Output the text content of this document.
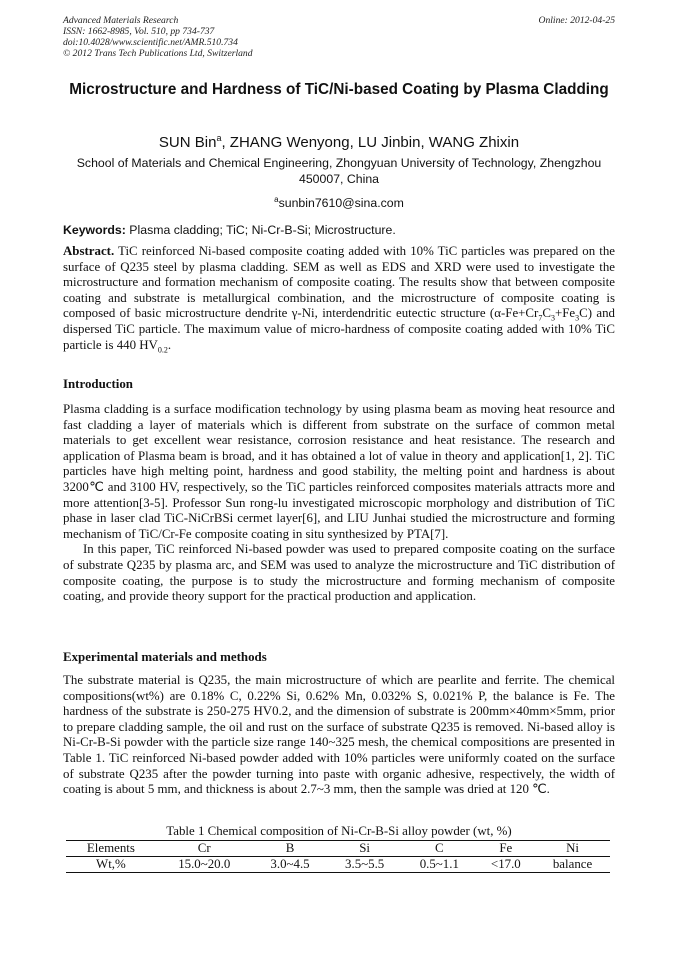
Advanced Materials Research
ISSN: 1662-8985, Vol. 510, pp 734-737
doi:10.4028/www.scientific.net/AMR.510.734
© 2012 Trans Tech Publications Ltd, Switzerland
Online: 2012-04-25
Microstructure and Hardness of TiC/Ni-based Coating by Plasma Cladding
SUN Bin$^a$, ZHANG Wenyong, LU Jinbin, WANG Zhixin
School of Materials and Chemical Engineering, Zhongyuan University of Technology, Zhengzhou 450007, China
$^a$sunbin7610@sina.com
Keywords: Plasma cladding; TiC; Ni-Cr-B-Si; Microstructure.
Abstract. TiC reinforced Ni-based composite coating added with 10% TiC particles was prepared on the surface of Q235 steel by plasma cladding. SEM as well as EDS and XRD were used to investigate the microstructure and formation mechanism of composite coating. The results show that between composite coating and substrate is metallurgical combination, and the microstructure of composite coating is composed of basic microstructure dendrite γ-Ni, interdendritic eutectic structure $(\alpha-Fe+Cr_7C_3+Fe_3C)$ and dispersed TiC particle. The maximum value of micro-hardness of composite coating added with 10% TiC particle is 440 $HV_{0.2}$.
Introduction

Plasma cladding is a surface modification technology by using plasma beam as moving heat resource and fast cladding a layer of materials which is different from substrate on the surface of common metal materials to get excellent wear resistance, corrosion resistance and heat resistance. The research and application of Plasma beam is broad, and it has obtained a lot of value in theory and application[1, 2]. TiC particles have high melting point, hardness and good stability, the melting point and hardness is about 3200℃ and 3100 HV, respectively, so the TiC particles reinforced composites materials attracts more and more attention[3-5]. Professor Sun rong-lu investigated microscopic morphology and distribution of TiC phase in laser clad TiC-NiCrBSi cermet layer[6], and LIU Junhai studied the microstructure and forming mechanism of TiC/Cr-Fe composite coating in situ synthesized by PTA[7].

In this paper, TiC reinforced Ni-based powder was used to prepared composite coating on the surface of substrate Q235 by plasma arc, and SEM was used to analyze the microstructure and TiC distribution of composite coating, the purpose is to study the microstructure and forming mechanism of composite coating, and provide theory support for the practical production and application.

Experimental materials and methods

The substrate material is Q235, the main microstructure of which are pearlite and ferrite. The chemical compositions(wt%) are 0.18% C, 0.22% Si, 0.62% Mn, 0.032% S, 0.021% P, the balance is Fe. The hardness of the substrate is 250-275 HV0.2, and the dimension of substrate is 200mm×40mm×5mm, prior to prepare cladding sample, the oil and rust on the surface of substrate Q235 is removed. Ni-based alloy is Ni-Cr-B-Si powder with the particle size range 140~325 mesh, the chemical compositions are presented in Table 1. TiC reinforced Ni-based powder added with 10% particles were uniformly coated on the surface of substrate Q235 after the powder turning into paste with organic adhesive, respectively, the width of coating is about 5 mm, and thickness is about 2.7~3 mm, then the sample was dried at 120 ℃.

Table 1 Chemical composition of Ni-Cr-B-Si alloy powder (wt, %)
Elements	Cr	B	Si	C	Fe	Ni
Wt,%	15.0~20.0	3.0~4.5	3.5~5.5	0.5~1.1	<17.0	balance
